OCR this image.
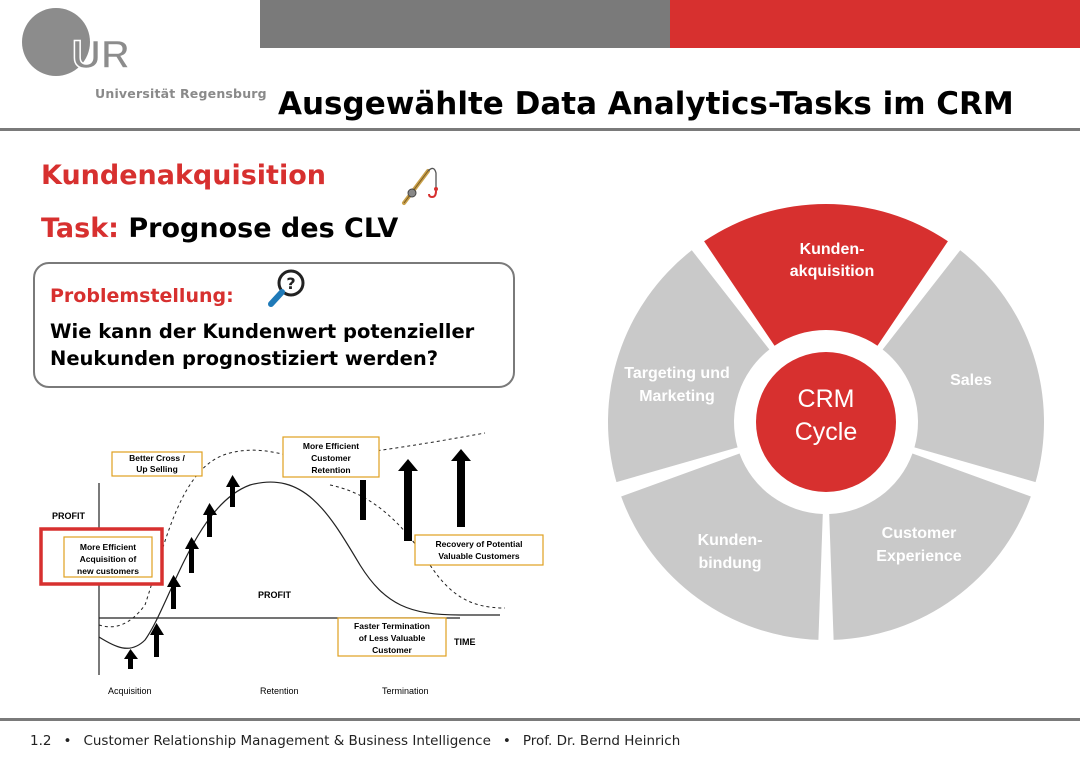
UR
Universität Regensburg Ausgewählte Data Analytics-Tasks im CRM
Kundenakquisition
Task: Prognose des CLV
Problemstellung:
?
Wie kann der Kundenwert potenzieller
Neukunden prognostiziert werden?
PROFIT
PROFIT
TIME
Acquisition	Retention	Termination
Better Cross /
Up Selling
More Efficient
Customer
Retention
More Efficient
Acquisition of
new customers
Recovery of Potential
Valuable Customers
Faster Termination
of Less Valuable
Customer
CRM
Cycle
Kunden-
akquisition
Sales
Customer
Experience
Kunden-
bindung
Targeting und
Marketing
1.2 • Customer Relationship Management & Business Intelligence • Prof. Dr. Bernd Heinrich
